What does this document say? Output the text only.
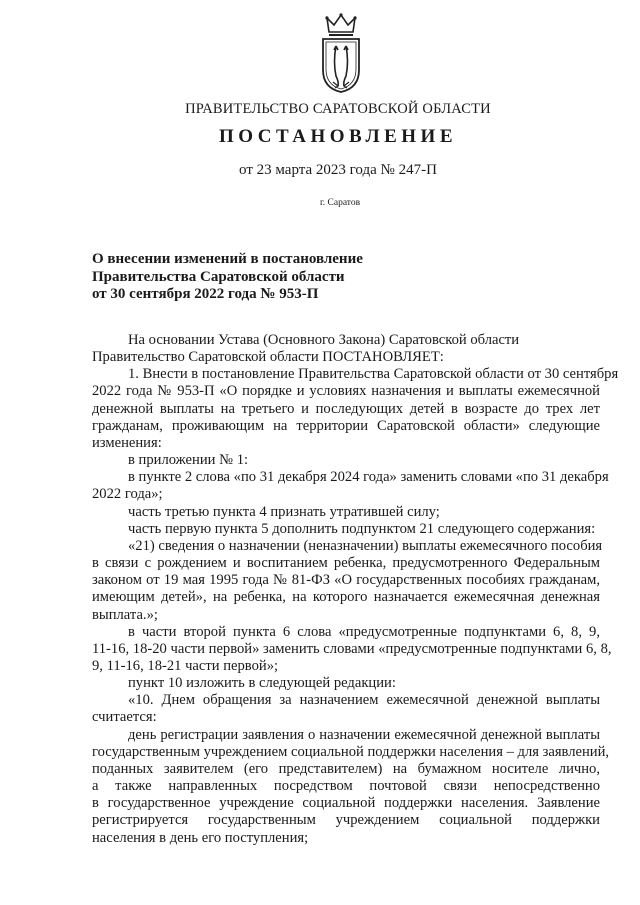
ПРАВИТЕЛЬСТВО САРАТОВСКОЙ ОБЛАСТИ
ПОСТАНОВЛЕНИЕ
от 23 марта 2023 года № 247-П
г. Саратов
О внесении изменений в постановление
Правительства Саратовской области
от 30 сентября 2022 года № 953-П
На основании Устава (Основного Закона) Саратовской области
Правительство Саратовской области ПОСТАНОВЛЯЕТ:
1. Внести в постановление Правительства Саратовской области от 30 сентября
2022 года № 953-П «О порядке и условиях назначения и выплаты ежемесячной
денежной выплаты на третьего и последующих детей в возрасте до трех лет
гражданам, проживающим на территории Саратовской области» следующие
изменения:
в приложении № 1:
в пункте 2 слова «по 31 декабря 2024 года» заменить словами «по 31 декабря
2022 года»;
часть третью пункта 4 признать утратившей силу;
часть первую пункта 5 дополнить подпунктом 21 следующего содержания:
«21) сведения о назначении (неназначении) выплаты ежемесячного пособия
в связи с рождением и воспитанием ребенка, предусмотренного Федеральным
законом от 19 мая 1995 года № 81-ФЗ «О государственных пособиях гражданам,
имеющим детей», на ребенка, на которого назначается ежемесячная денежная
выплата.»;
в части второй пункта 6 слова «предусмотренные подпунктами 6, 8, 9,
11-16, 18-20 части первой» заменить словами «предусмотренные подпунктами 6, 8,
9, 11-16, 18-21 части первой»;
пункт 10 изложить в следующей редакции:
«10. Днем обращения за назначением ежемесячной денежной выплаты
считается:
день регистрации заявления о назначении ежемесячной денежной выплаты
государственным учреждением социальной поддержки населения – для заявлений,
поданных заявителем (его представителем) на бумажном носителе лично,
а также направленных посредством почтовой связи непосредственно
в государственное учреждение социальной поддержки населения. Заявление
регистрируется государственным учреждением социальной поддержки
населения в день его поступления;
